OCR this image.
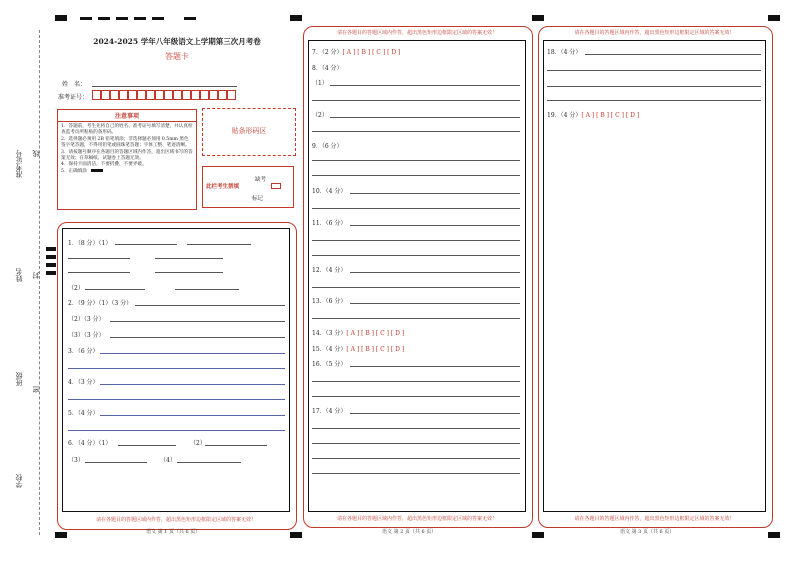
准考证号 线
姓名 封
班级
密
学校
2024-2025 学年八年级语文上学期第三次月考卷
答题卡
姓　名：
准考证号：
注意事项
1．答题前，考生先将自己的姓名、准考证号填写清楚，并认真检查监考员所粘贴的条形码。
2．选择题必须用 2B 铅笔填涂；非选择题必须用 0.5mm 黑色签字笔答题，不得用铅笔或圆珠笔答题；字体工整、笔迹清晰。
3．请按题号顺序在各题目的答题区域内作答，超出区域书写的答案无效；在草稿纸、试题卷上答题无效。
4．保持卡面清洁，不要折叠、不要弄破。
5．正确填涂
贴条形码区
此栏考生禁填
缺考
标记
请在各题目的答题区域内作答，超出黑色矩形边框限定区域的答案无效！
语文 第 1 页（共 6 页）
1．（8 分）（1）
（2）
2．（9 分）（1）（3 分）
（2）（3 分）
（3）（3 分）
3．（6 分）
4．（3 分）
5．（4 分）
6．（4 分）（1）	（2）
（3）	（4）
请在各题目的答题区域内作答，超出黑色矩形边框限定区域的答案无效！
请在各题目的答题区域内作答，超出黑色矩形边框限定区域的答案无效！
语文 第 2 页（共 6 页）
7．（2 分）[ A ] [ B ] [ C ] [ D ]
8．（4 分）
（1）
（2）
9．（6 分）
10．（4 分）
11．（6 分）
12．（4 分）
13．（6 分）
14．（3 分）[ A ] [ B ] [ C ] [ D ]
15．（4 分）[ A ] [ B ] [ C ] [ D ]
16．（5 分）
17．（4 分）
请在各题目的答题区域内作答，超出黑色矩形边框限定区域的答案无效！
请在各题目的答题区域内作答，超出黑色矩形边框限定区域的答案无效！
语文 第 3 页（共 6 页）
18．（4 分）
19．（4 分）[ A ] [ B ] [ C ] [ D ]
